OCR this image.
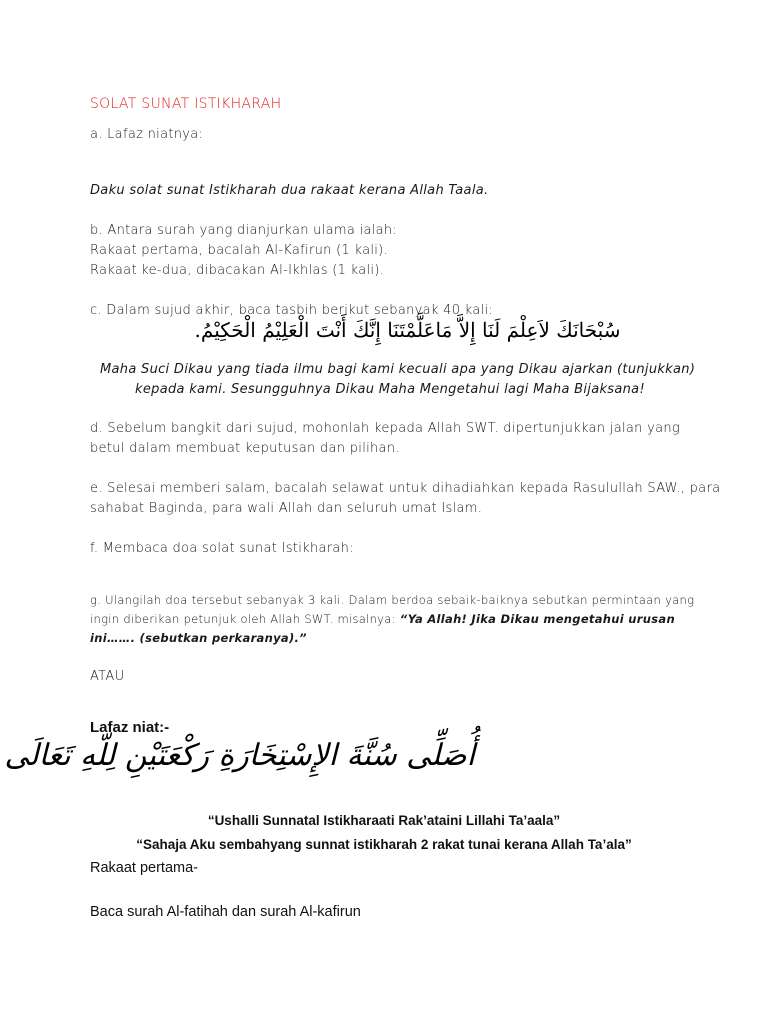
SOLAT SUNAT ISTIKHARAH

a. Lafaz niatnya:

Daku solat sunat Istikharah dua rakaat kerana Allah Taala.

b. Antara surah yang dianjurkan ulama ialah:

Rakaat pertama, bacalah Al-Kafirun (1 kali).

Rakaat ke-dua, dibacakan Al-Ikhlas (1 kali).

c. Dalam sujud akhir, baca tasbih berikut sebanyak 40 kali:

سُبْحَانَكَ لاَعِلْمَ لَنَا إِلاَّ مَاعَلَّمْتَنَا إِنَّكَ أَنْتَ الْعَلِيْمُ الْحَكِيْمُ.

Maha Suci Dikau yang tiada ilmu bagi kami kecuali apa yang Dikau ajarkan (tunjukkan)

kepada kami. Sesungguhnya Dikau Maha Mengetahui lagi Maha Bijaksana!

d. Sebelum bangkit dari sujud, mohonlah kepada Allah SWT. dipertunjukkan jalan yang

betul dalam membuat keputusan dan pilihan.

e. Selesai memberi salam, bacalah selawat untuk dihadiahkan kepada Rasulullah SAW., para

sahabat Baginda, para wali Allah dan seluruh umat Islam.

f. Membaca doa solat sunat Istikharah:

g. Ulangilah doa tersebut sebanyak 3 kali. Dalam berdoa sebaik-baiknya sebutkan permintaan yang

ingin diberikan petunjuk oleh Allah SWT. misalnya: “Ya Allah! Jika Dikau mengetahui urusan

ini……. (sebutkan perkaranya).”

ATAU

Lafaz niat:-

أُصَلِّى سُنَّةَ الإِسْتِخَارَةِ رَكْعَتَيْنِ لِلّهِ تَعَالَى

“Ushalli Sunnatal Istikharaati Rak’ataini Lillahi Ta’aala”

“Sahaja Aku sembahyang sunnat istikharah 2 rakat tunai kerana Allah Ta’ala”

Rakaat pertama-

Baca surah Al-fatihah dan surah Al-kafirun
